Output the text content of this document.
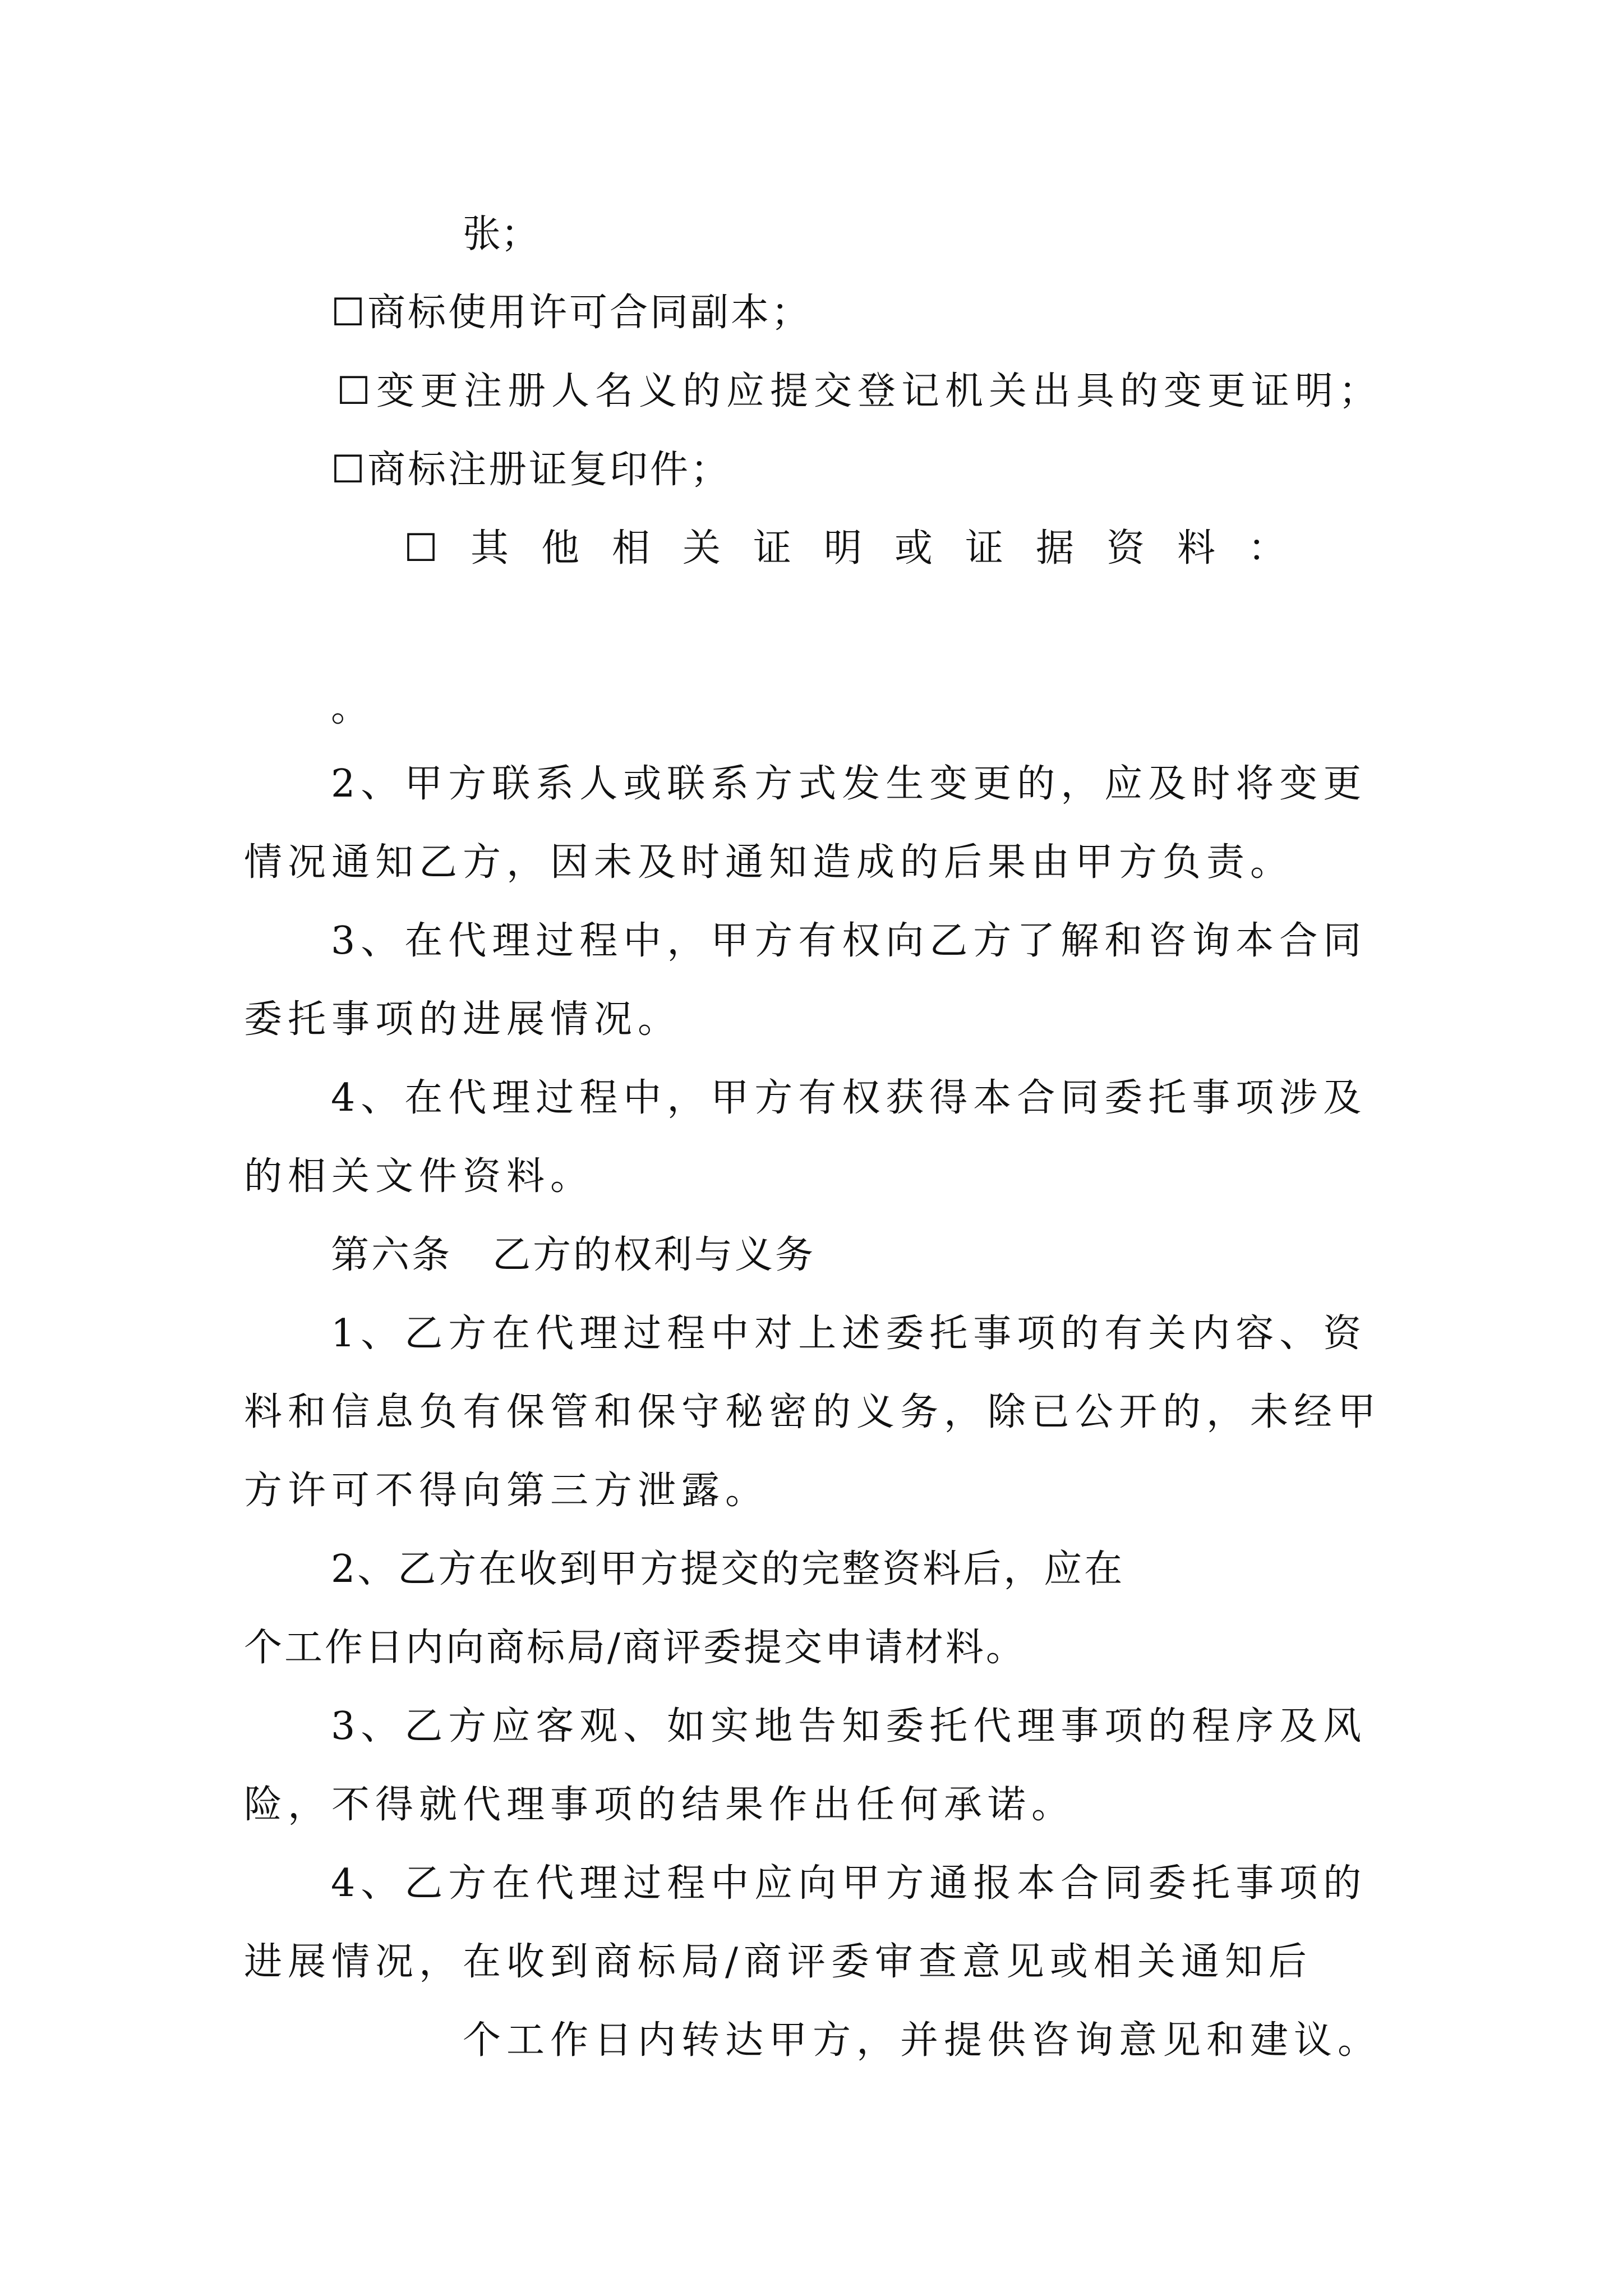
张；
☐商标使用许可合同副本；
☐变更注册人名义的应提交登记机关出具的变更证明；
☐商标注册证复印件；
☐其他相关证明或证据资料：
。
2、甲方联系人或联系方式发生变更的，应及时将变更
情况通知乙方，因未及时通知造成的后果由甲方负责。
3、在代理过程中，甲方有权向乙方了解和咨询本合同
委托事项的进展情况。
4、在代理过程中，甲方有权获得本合同委托事项涉及
的相关文件资料。
第六条　乙方的权利与义务
1、乙方在代理过程中对上述委托事项的有关内容、资
料和信息负有保管和保守秘密的义务，除已公开的，未经甲
方许可不得向第三方泄露。
2、乙方在收到甲方提交的完整资料后，应在
个工作日内向商标局/商评委提交申请材料。
3、乙方应客观、如实地告知委托代理事项的程序及风
险，不得就代理事项的结果作出任何承诺。
4、乙方在代理过程中应向甲方通报本合同委托事项的
进展情况，在收到商标局/商评委审查意见或相关通知后
个工作日内转达甲方，并提供咨询意见和建议。
